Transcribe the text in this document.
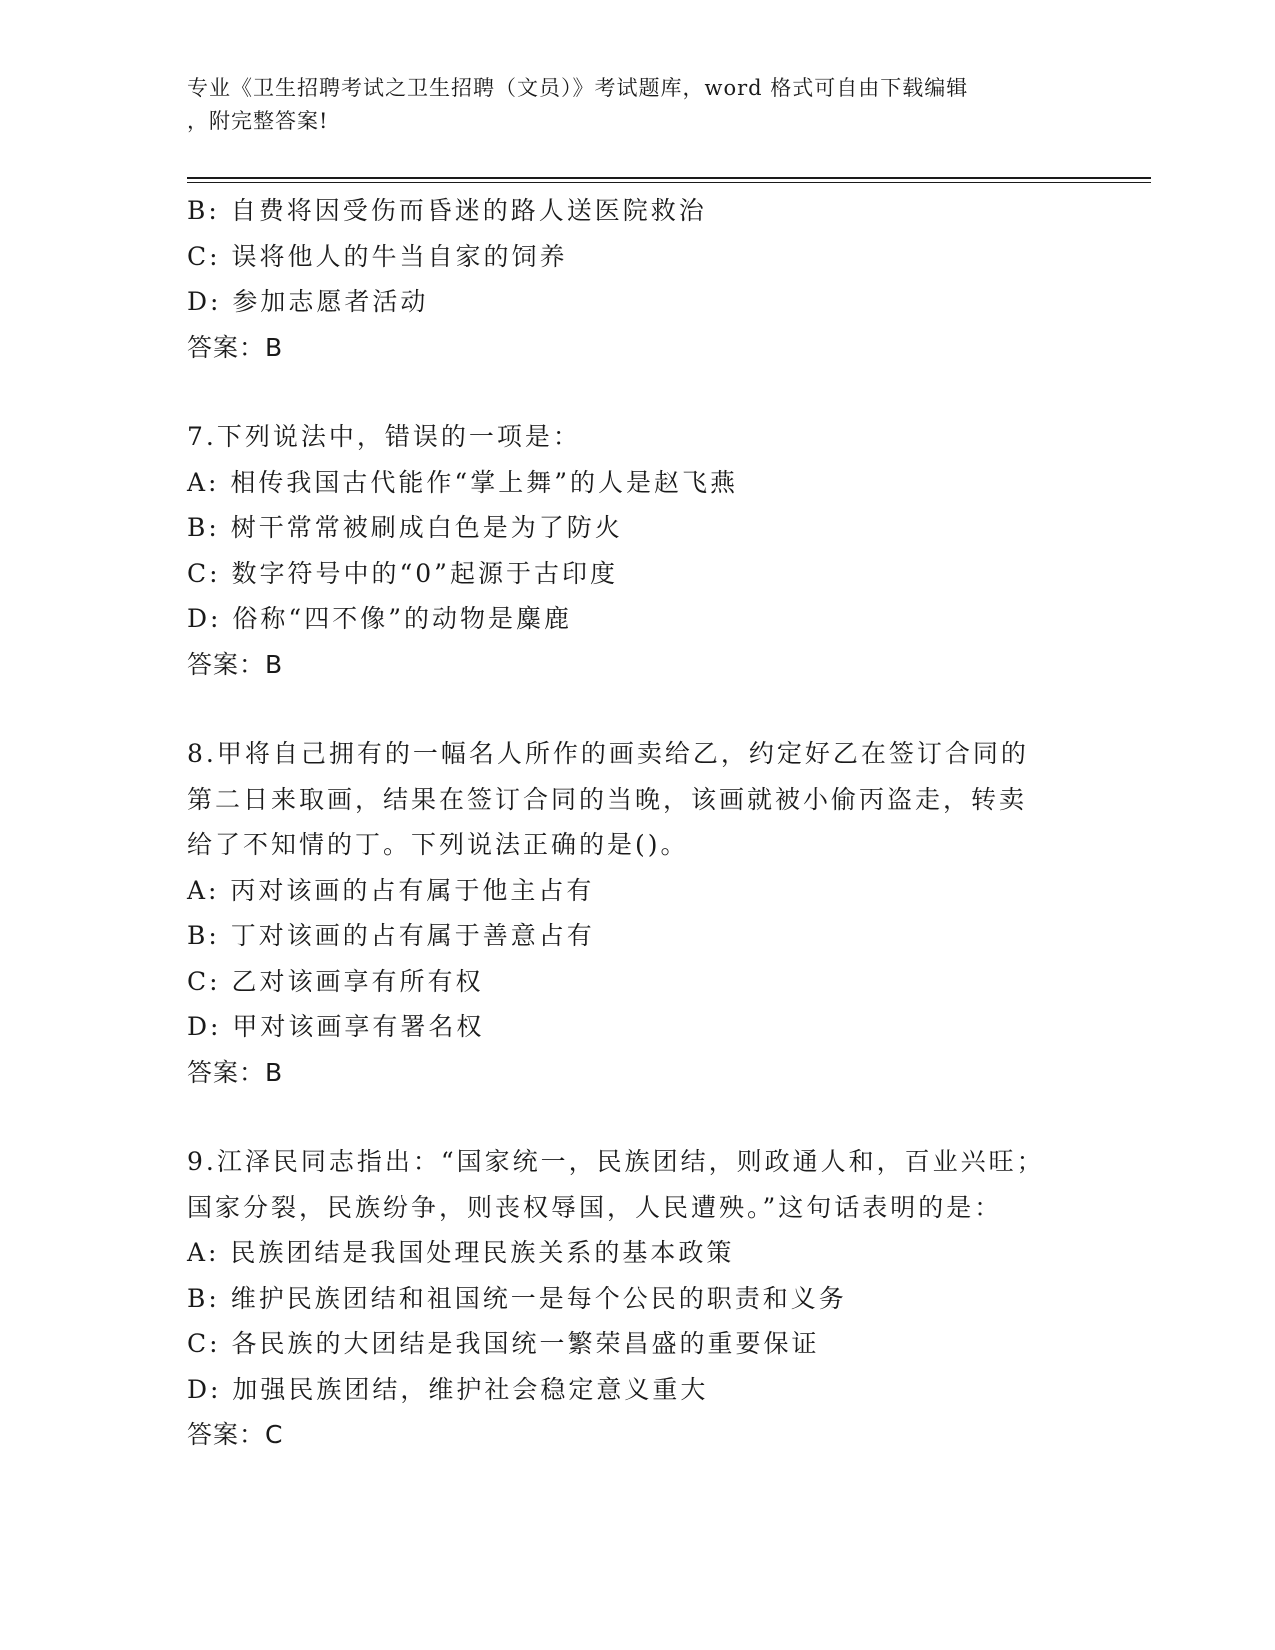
专业《卫生招聘考试之卫生招聘（文员）》考试题库，word 格式可自由下载编辑
，附完整答案!
B: 自费将因受伤而昏迷的路人送医院救治
C: 误将他人的牛当自家的饲养
D: 参加志愿者活动
答案：B
7.下列说法中，错误的一项是：
A: 相传我国古代能作“掌上舞”的人是赵飞燕
B: 树干常常被刷成白色是为了防火
C: 数字符号中的“0”起源于古印度
D: 俗称“四不像”的动物是麋鹿
答案：B
8.甲将自己拥有的一幅名人所作的画卖给乙，约定好乙在签订合同的
第二日来取画，结果在签订合同的当晚，该画就被小偷丙盗走，转卖
给了不知情的丁。下列说法正确的是()。
A: 丙对该画的占有属于他主占有
B: 丁对该画的占有属于善意占有
C: 乙对该画享有所有权
D: 甲对该画享有署名权
答案：B
9.江泽民同志指出：“国家统一，民族团结，则政通人和，百业兴旺；
国家分裂，民族纷争，则丧权辱国，人民遭殃。”这句话表明的是：
A: 民族团结是我国处理民族关系的基本政策
B: 维护民族团结和祖国统一是每个公民的职责和义务
C: 各民族的大团结是我国统一繁荣昌盛的重要保证
D: 加强民族团结，维护社会稳定意义重大
答案：C
